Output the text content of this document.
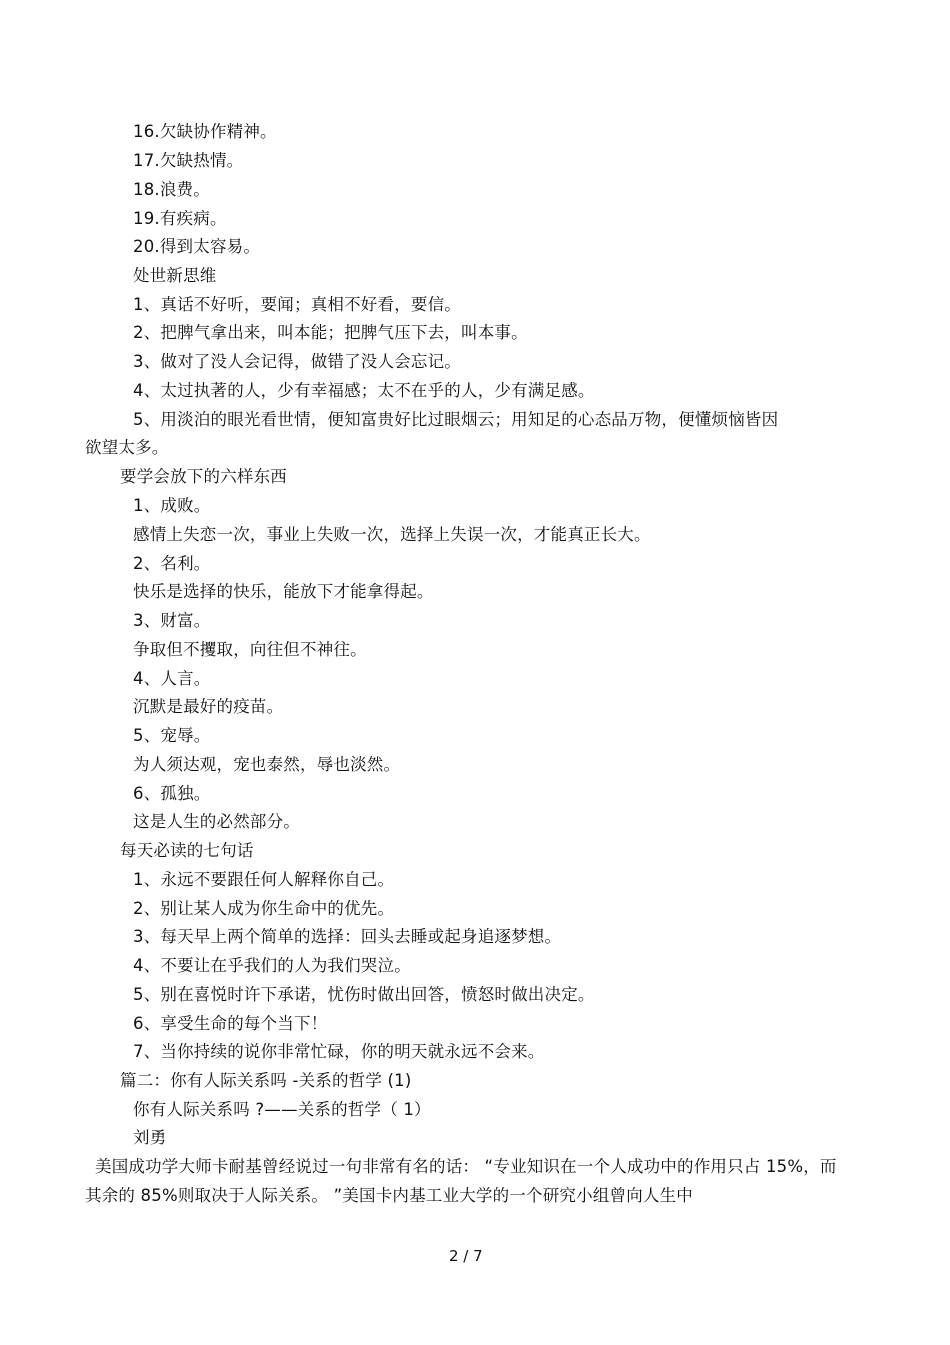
16.欠缺协作精神。
17.欠缺热情。
18.浪费。
19.有疾病。
20.得到太容易。
处世新思维
1、真话不好听，要闻；真相不好看，要信。
2、把脾气拿出来，叫本能；把脾气压下去，叫本事。
3、做对了没人会记得，做错了没人会忘记。
4、太过执著的人，少有幸福感；太不在乎的人，少有满足感。
5、用淡泊的眼光看世情，便知富贵好比过眼烟云；用知足的心态品万物，便懂烦恼皆因
欲望太多。
要学会放下的六样东西
1、成败。
感情上失恋一次，事业上失败一次，选择上失误一次，才能真正长大。
2、名利。
快乐是选择的快乐，能放下才能拿得起。
3、财富。
争取但不攫取，向往但不神往。
4、人言。
沉默是最好的疫苗。
5、宠辱。
为人须达观，宠也泰然，辱也淡然。
6、孤独。
这是人生的必然部分。
每天必读的七句话
1、永远不要跟任何人解释你自己。
2、别让某人成为你生命中的优先。
3、每天早上两个简单的选择：回头去睡或起身追逐梦想。
4、不要让在乎我们的人为我们哭泣。
5、别在喜悦时许下承诺，忧伤时做出回答，愤怒时做出决定。
6、享受生命的每个当下！
7、当你持续的说你非常忙碌，你的明天就永远不会来。
篇二：你有人际关系吗 -关系的哲学 (1)
你有人际关系吗 ?——关系的哲学（ 1）
刘勇
美国成功学大师卡耐基曾经说过一句非常有名的话： “专业知识在一个人成功中的作用只占 15%，而其余的 85%则取决于人际关系。 ”美国卡内基工业大学的一个研究小组曾向人生中
2 / 7
